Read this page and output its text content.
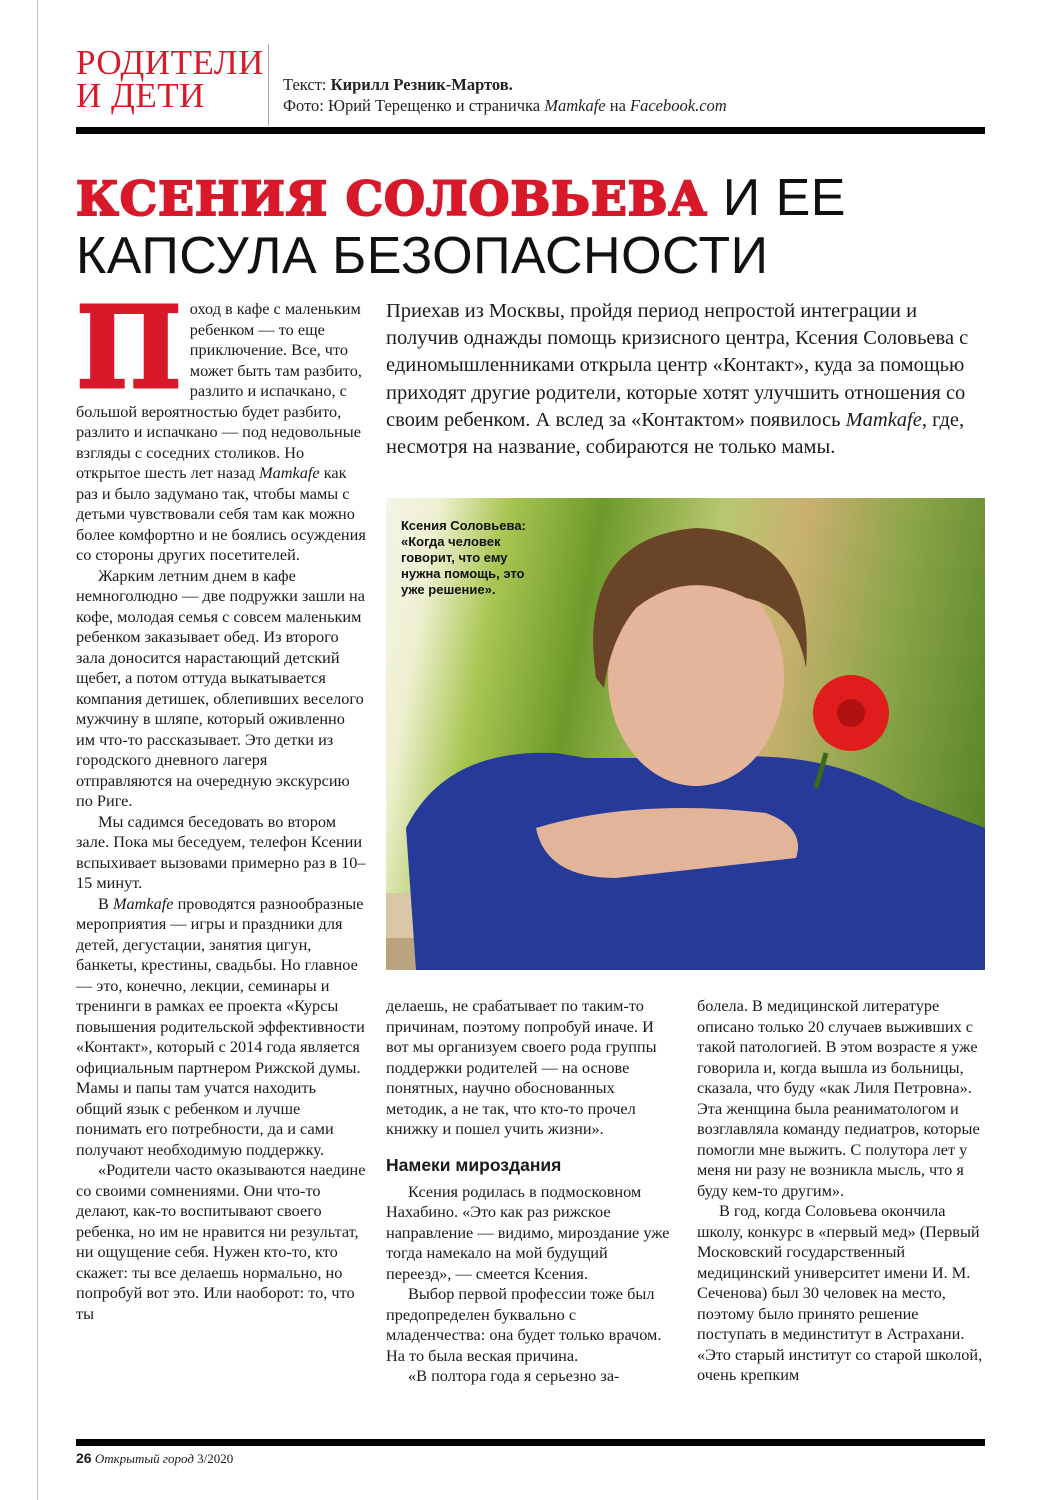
РОДИТЕЛИ
И ДЕТИ	Текст: Кирилл Резник-Мартов.
Фото: Юрий Терещенко и страничка Mamkafe на Facebook.com
КСЕНИЯ СОЛОВЬЕВА И ЕЕ
КАПСУЛА БЕЗОПАСНОСТИ

Поход в кафе с маленьким ребенком — то еще приключение. Все, что может быть там разбито, разлито и испачкано, с большой вероятностью будет разбито, разлито и испачкано — под недовольные взгляды с соседних столиков. Но открытое шесть лет назад Mamkafe как раз и было задумано так, чтобы мамы с детьми чувствовали себя там как можно более комфортно и не боялись осуждения со стороны других посетителей.

Жарким летним днем в кафе немноголюдно — две подружки зашли на кофе, молодая семья с совсем маленьким ребенком заказывает обед. Из второго зала доносится нарастающий детский щебет, а потом оттуда выкатывается компания детишек, облепивших веселого мужчину в шляпе, который оживленно им что-то рассказывает. Это детки из городского дневного лагеря отправляются на очередную экскурсию по Риге.

Мы садимся беседовать во втором зале. Пока мы беседуем, телефон Ксении вспыхивает вызовами примерно раз в 10–15 минут.

В Mamkafe проводятся разнообразные мероприятия — игры и праздники для детей, дегустации, занятия цигун, банкеты, крестины, свадьбы. Но главное — это, конечно, лекции, семинары и тренинги в рамках ее проекта «Курсы повышения родительской эффективности «Контакт», который с 2014 года является официальным партнером Рижской думы. Мамы и папы там учатся находить общий язык с ребенком и лучше понимать его потребности, да и сами получают необходимую поддержку.

«Родители часто оказываются наедине со своими сомнениями. Они что-то делают, как-то воспитывают своего ребенка, но им не нравится ни результат, ни ощущение себя. Нужен кто-то, кто скажет: ты все делаешь нормально, но попробуй вот это. Или наоборот: то, что ты

Приехав из Москвы, пройдя период непростой интеграции и получив однажды помощь кризисного центра, Ксения Соловьева с единомышленниками открыла центр «Контакт», куда за помощью приходят другие родители, которые хотят улучшить отношения со своим ребенком. А вслед за «Контактом» появилось Mamkafe, где, несмотря на название, собираются не только мамы.
Ксения Соловьева: «Когда человек говорит, что ему нужна помощь, это уже решение».

делаешь, не срабатывает по таким-то причинам, поэтому попробуй иначе. И вот мы организуем своего рода группы поддержки родителей — на основе понятных, научно обоснованных методик, а не так, что кто-то прочел книжку и пошел учить жизни».

Намеки мироздания

Ксения родилась в подмосковном Нахабино. «Это как раз рижское направление — видимо, мироздание уже тогда намекало на мой будущий переезд», — смеется Ксения.

Выбор первой профессии тоже был предопределен буквально с младенчества: она будет только врачом. На то была веская причина.

«В полтора года я серьезно за-

болела. В медицинской литературе описано только 20 случаев выживших с такой патологией. В этом возрасте я уже говорила и, когда вышла из больницы, сказала, что буду «как Лиля Петровна». Эта женщина была реаниматологом и возглавляла команду педиатров, которые помогли мне выжить. С полутора лет у меня ни разу не возникла мысль, что я буду кем-то другим».

В год, когда Соловьева окончила школу, конкурс в «первый мед» (Первый Московский государственный медицинский университет имени И. М. Сеченова) был 30 человек на место, поэтому было принято решение поступать в мединститут в Астрахани. «Это старый институт со старой школой, очень крепким

26 Открытый город 3/2020
